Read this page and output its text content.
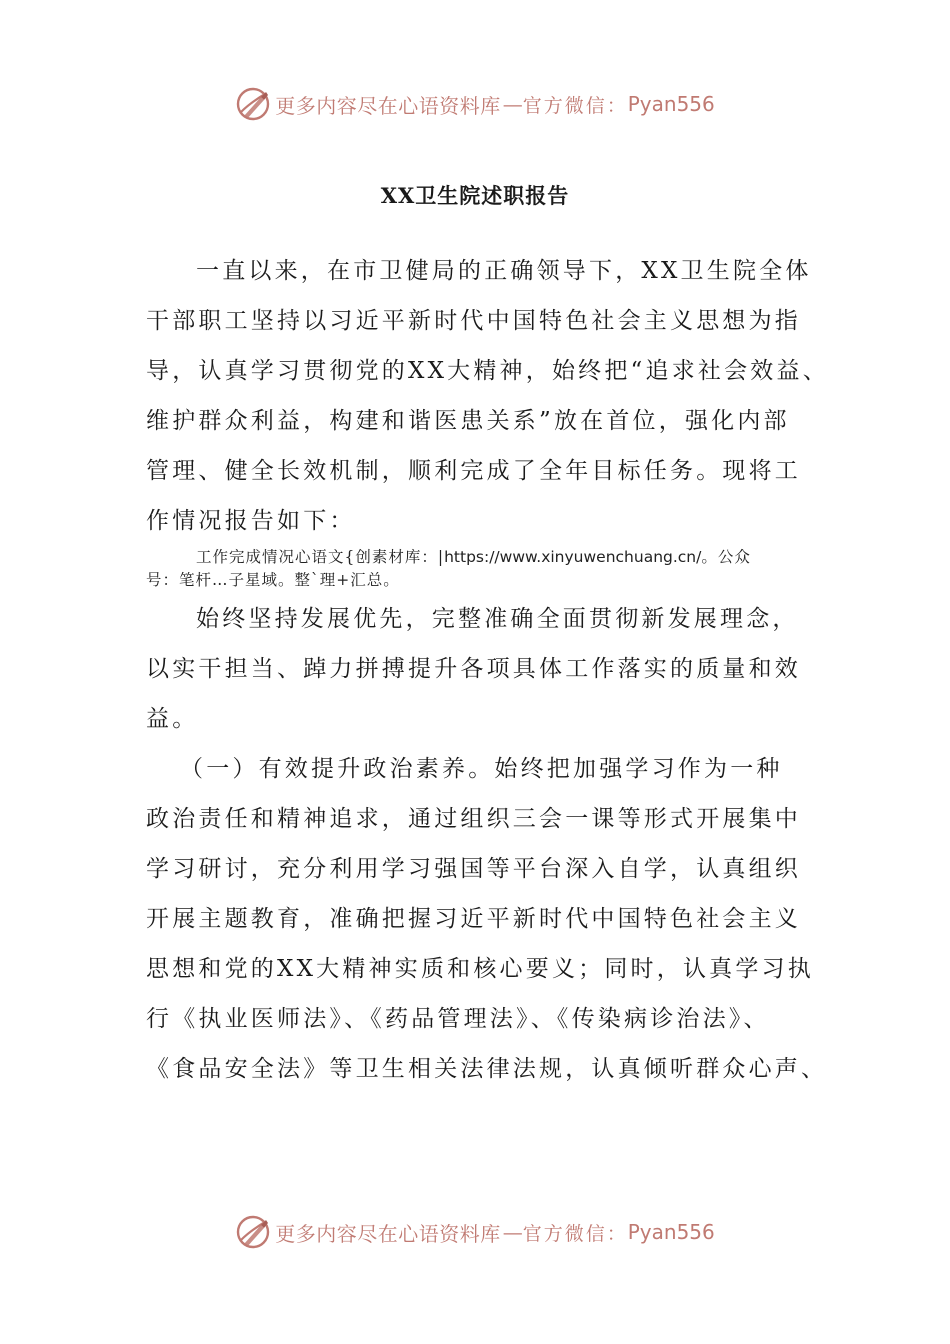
更多内容尽在心语资料库 — 官方微信： Pyan556
XX卫生院述职报告
一直以来，在市卫健局的正确领导下，XX卫生院全体
干部职工坚持以习近平新时代中国特色社会主义思想为指
导，认真学习贯彻党的XX大精神，始终把“追求社会效益、
维护群众利益，构建和谐医患关系”放在首位，强化内部
管理、健全长效机制，顺利完成了全年目标任务。现将工
作情况报告如下：
工作完成情况心语文{创素材库：|https://www.xinyuwenchuang.cn/。公众
号：笔杆…子星域。整`理+汇总。
始终坚持发展优先，完整准确全面贯彻新发展理念，
以实干担当、踔力拼搏提升各项具体工作落实的质量和效
益。
（一）有效提升政治素养。始终把加强学习作为一种
政治责任和精神追求，通过组织三会一课等形式开展集中
学习研讨，充分利用学习强国等平台深入自学，认真组织
开展主题教育，准确把握习近平新时代中国特色社会主义
思想和党的XX大精神实质和核心要义；同时，认真学习执
行《执业医师法》、《药品管理法》、《传染病诊治法》、
《食品安全法》等卫生相关法律法规，认真倾听群众心声、
更多内容尽在心语资料库 — 官方微信： Pyan556
